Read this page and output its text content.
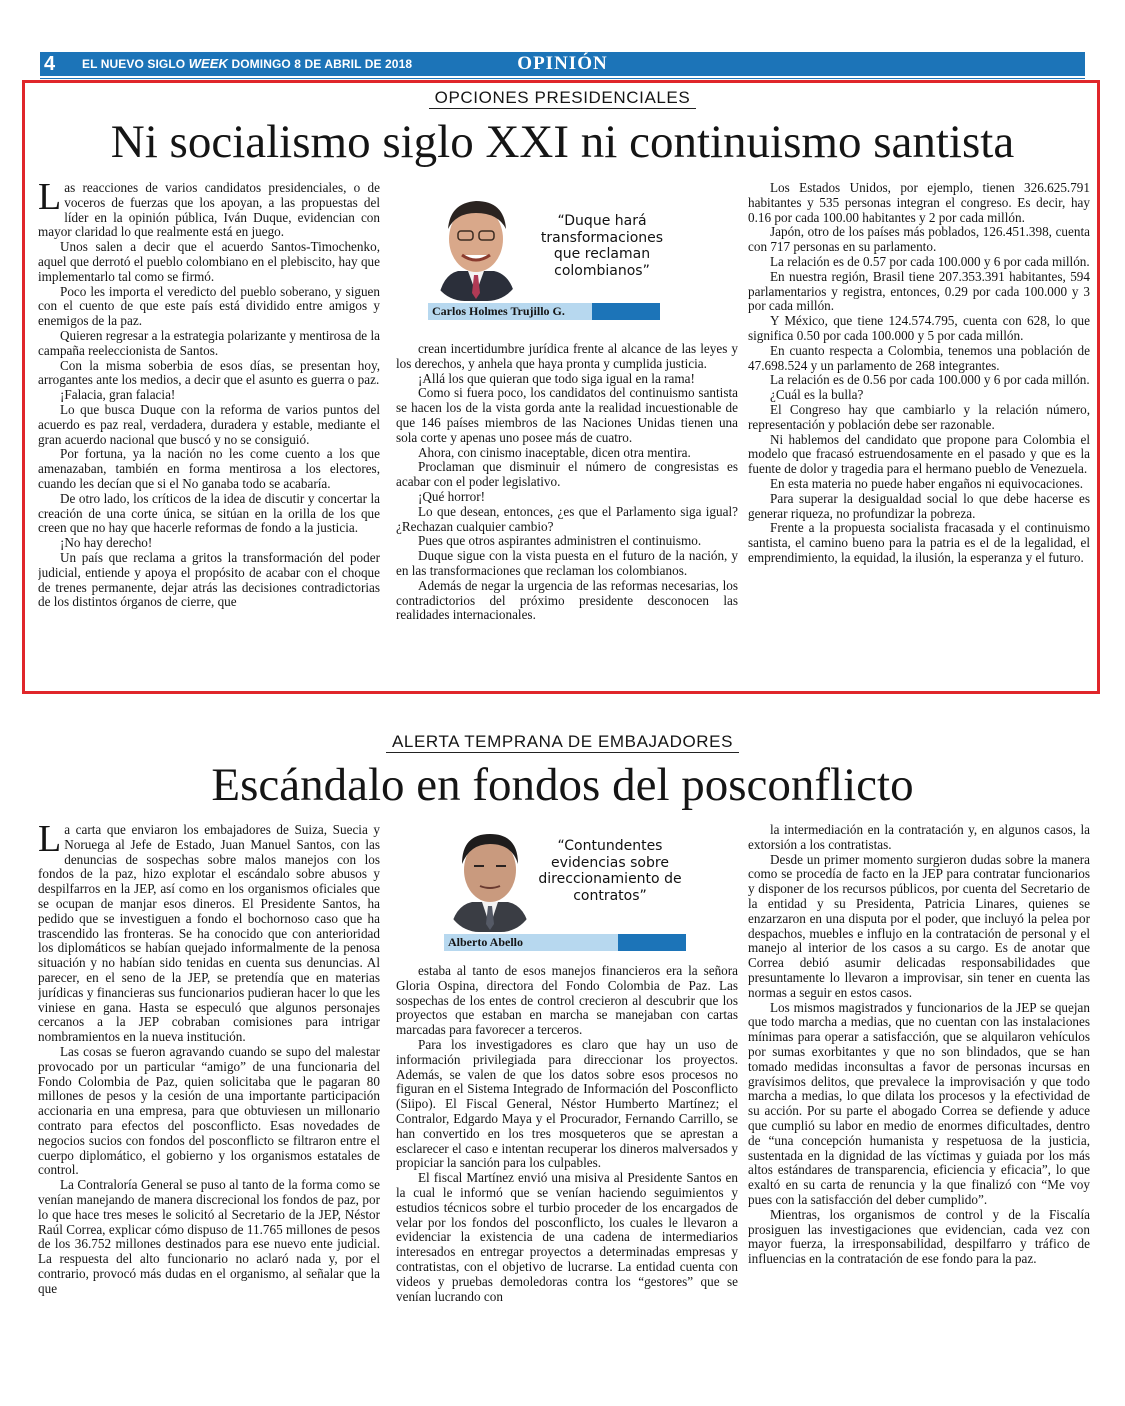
4 EL NUEVO SIGLO WEEK DOMINGO 8 DE ABRIL DE 2018	OPINIÓN
OPCIONES PRESIDENCIALES
Ni socialismo siglo XXI ni continuismo santista

Las reacciones de varios candidatos presidenciales, o de voceros de fuerzas que los apoyan, a las propuestas del líder en la opinión pública, Iván Duque, evidencian con mayor claridad lo que realmente está en juego.

Unos salen a decir que el acuerdo Santos-Timochenko, aquel que derrotó el pueblo colombiano en el plebiscito, hay que implementarlo tal como se firmó.

Poco les importa el veredicto del pueblo soberano, y siguen con el cuento de que este país está dividido entre amigos y enemigos de la paz.

Quieren regresar a la estrategia polarizante y mentirosa de la campaña reeleccionista de Santos.

Con la misma soberbia de esos días, se presentan hoy, arrogantes ante los medios, a decir que el asunto es guerra o paz.

¡Falacia, gran falacia!

Lo que busca Duque con la reforma de varios puntos del acuerdo es paz real, verdadera, duradera y estable, mediante el gran acuerdo nacional que buscó y no se consiguió.

Por fortuna, ya la nación no les come cuento a los que amenazaban, también en forma mentirosa a los electores, cuando les decían que si el No ganaba todo se acabaría.

De otro lado, los críticos de la idea de discutir y concertar la creación de una corte única, se sitúan en la orilla de los que creen que no hay que hacerle reformas de fondo a la justicia.

¡No hay derecho!

Un país que reclama a gritos la transformación del poder judicial, entiende y apoya el propósito de acabar con el choque de trenes permanente, dejar atrás las decisiones contradictorias de los distintos órganos de cierre, que

“Duque hará transformaciones que reclaman colombianos”
Carlos Holmes Trujillo G.

crean incertidumbre jurídica frente al alcance de las leyes y los derechos, y anhela que haya pronta y cumplida justicia.

¡Allá los que quieran que todo siga igual en la rama!

Como si fuera poco, los candidatos del continuismo santista se hacen los de la vista gorda ante la realidad incuestionable de que 146 países miembros de las Naciones Unidas tienen una sola corte y apenas uno posee más de cuatro.

Ahora, con cinismo inaceptable, dicen otra mentira.

Proclaman que disminuir el número de congresistas es acabar con el poder legislativo.

¡Qué horror!

Lo que desean, entonces, ¿es que el Parlamento siga igual? ¿Rechazan cualquier cambio?

Pues que otros aspirantes administren el continuismo.

Duque sigue con la vista puesta en el futuro de la nación, y en las transformaciones que reclaman los colombianos.

Además de negar la urgencia de las reformas necesarias, los contradictorios del próximo presidente desconocen las realidades internacionales.

Los Estados Unidos, por ejemplo, tienen 326.625.791 habitantes y 535 personas integran el congreso. Es decir, hay 0.16 por cada 100.00 habitantes y 2 por cada millón.

Japón, otro de los países más poblados, 126.451.398, cuenta con 717 personas en su parlamento.

La relación es de 0.57 por cada 100.000 y 6 por cada millón.

En nuestra región, Brasil tiene 207.353.391 habitantes, 594 parlamentarios y registra, entonces, 0.29 por cada 100.000 y 3 por cada millón.

Y México, que tiene 124.574.795, cuenta con 628, lo que significa 0.50 por cada 100.000 y 5 por cada millón.

En cuanto respecta a Colombia, tenemos una población de 47.698.524 y un parlamento de 268 integrantes.

La relación es de 0.56 por cada 100.000 y 6 por cada millón.

¿Cuál es la bulla?

El Congreso hay que cambiarlo y la relación número, representación y población debe ser razonable.

Ni hablemos del candidato que propone para Colombia el modelo que fracasó estruendosamente en el pasado y que es la fuente de dolor y tragedia para el hermano pueblo de Venezuela.

En esta materia no puede haber engaños ni equivocaciones.

Para superar la desigualdad social lo que debe hacerse es generar riqueza, no profundizar la pobreza.

Frente a la propuesta socialista fracasada y el continuismo santista, el camino bueno para la patria es el de la legalidad, el emprendimiento, la equidad, la ilusión, la esperanza y el futuro.

ALERTA TEMPRANA DE EMBAJADORES
Escándalo en fondos del posconflicto

La carta que enviaron los embajadores de Suiza, Suecia y Noruega al Jefe de Estado, Juan Manuel Santos, con las denuncias de sospechas sobre malos manejos con los fondos de la paz, hizo explotar el escándalo sobre abusos y despilfarros en la JEP, así como en los organismos oficiales que se ocupan de manjar esos dineros. El Presidente Santos, ha pedido que se investiguen a fondo el bochornoso caso que ha trascendido las fronteras. Se ha conocido que con anterioridad los diplomáticos se habían quejado informalmente de la penosa situación y no habían sido tenidas en cuenta sus denuncias. Al parecer, en el seno de la JEP, se pretendía que en materias jurídicas y financieras sus funcionarios pudieran hacer lo que les viniese en gana. Hasta se especuló que algunos personajes cercanos a la JEP cobraban comisiones para intrigar nombramientos en la nueva institución.

Las cosas se fueron agravando cuando se supo del malestar provocado por un particular “amigo” de una funcionaria del Fondo Colombia de Paz, quien solicitaba que le pagaran 80 millones de pesos y la cesión de una importante participación accionaria en una empresa, para que obtuviesen un millonario contrato para efectos del posconflicto. Esas novedades de negocios sucios con fondos del posconflicto se filtraron entre el cuerpo diplomático, el gobierno y los organismos estatales de control.

La Contraloría General se puso al tanto de la forma como se venían manejando de manera discrecional los fondos de paz, por lo que hace tres meses le solicitó al Secretario de la JEP, Néstor Raúl Correa, explicar cómo dispuso de 11.765 millones de pesos de los 36.752 millones destinados para ese nuevo ente judicial. La respuesta del alto funcionario no aclaró nada y, por el contrario, provocó más dudas en el organismo, al señalar que la que

“Contundentes evidencias sobre direccionamiento de contratos”
Alberto Abello

estaba al tanto de esos manejos financieros era la señora Gloria Ospina, directora del Fondo Colombia de Paz. Las sospechas de los entes de control crecieron al descubrir que los proyectos que estaban en marcha se manejaban con cartas marcadas para favorecer a terceros.

Para los investigadores es claro que hay un uso de información privilegiada para direccionar los proyectos. Además, se valen de que los datos sobre esos procesos no figuran en el Sistema Integrado de Información del Posconflicto (Siipo). El Fiscal General, Néstor Humberto Martínez; el Contralor, Edgardo Maya y el Procurador, Fernando Carrillo, se han convertido en los tres mosqueteros que se aprestan a esclarecer el caso e intentan recuperar los dineros malversados y propiciar la sanción para los culpables.

El fiscal Martínez envió una misiva al Presidente Santos en la cual le informó que se venían haciendo seguimientos y estudios técnicos sobre el turbio proceder de los encargados de velar por los fondos del posconflicto, los cuales le llevaron a evidenciar la existencia de una cadena de intermediarios interesados en entregar proyectos a determinadas empresas y contratistas, con el objetivo de lucrarse. La entidad cuenta con videos y pruebas demoledoras contra los “gestores” que se venían lucrando con

la intermediación en la contratación y, en algunos casos, la extorsión a los contratistas.

Desde un primer momento surgieron dudas sobre la manera como se procedía de facto en la JEP para contratar funcionarios y disponer de los recursos públicos, por cuenta del Secretario de la entidad y su Presidenta, Patricia Linares, quienes se enzarzaron en una disputa por el poder, que incluyó la pelea por despachos, muebles e influjo en la contratación de personal y el manejo al interior de los casos a su cargo. Es de anotar que Correa debió asumir delicadas responsabilidades que presuntamente lo llevaron a improvisar, sin tener en cuenta las normas a seguir en estos casos.

Los mismos magistrados y funcionarios de la JEP se quejan que todo marcha a medias, que no cuentan con las instalaciones mínimas para operar a satisfacción, que se alquilaron vehículos por sumas exorbitantes y que no son blindados, que se han tomado medidas inconsultas a favor de personas incursas en gravísimos delitos, que prevalece la improvisación y que todo marcha a medias, lo que dilata los procesos y la efectividad de su acción. Por su parte el abogado Correa se defiende y aduce que cumplió su labor en medio de enormes dificultades, dentro de “una concepción humanista y respetuosa de la justicia, sustentada en la dignidad de las víctimas y guiada por los más altos estándares de transparencia, eficiencia y eficacia”, lo que exaltó en su carta de renuncia y la que finalizó con “Me voy pues con la satisfacción del deber cumplido”.

Mientras, los organismos de control y de la Fiscalía prosiguen las investigaciones que evidencian, cada vez con mayor fuerza, la irresponsabilidad, despilfarro y tráfico de influencias en la contratación de ese fondo para la paz.
